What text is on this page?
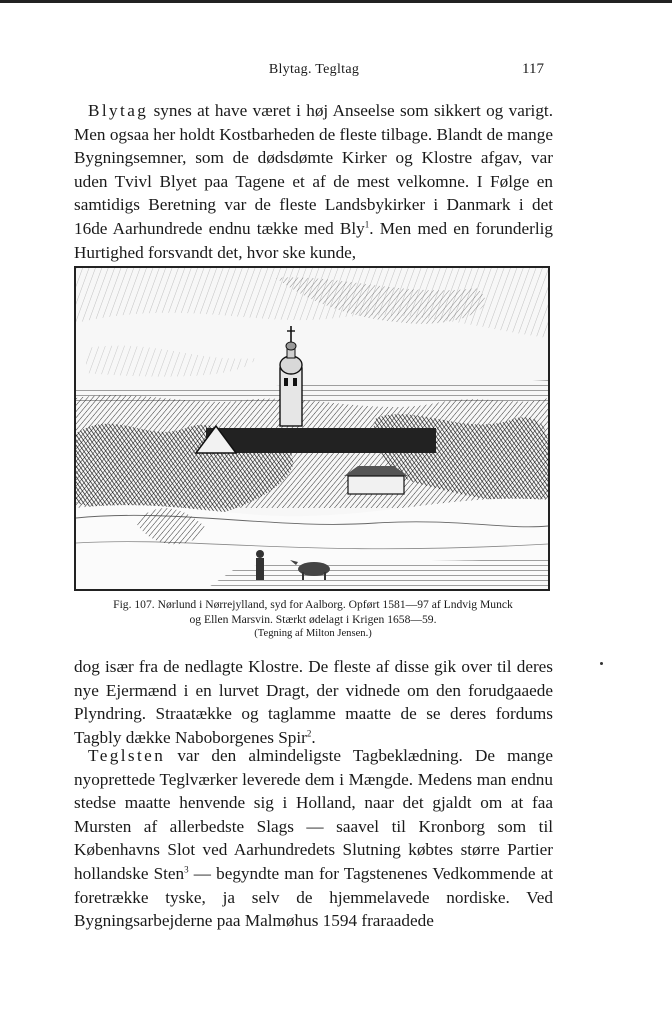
Blytag. Tegltag	117

Blytag synes at have været i høj Anseelse som sikkert og varigt. Men ogsaa her holdt Kostbarheden de fleste tilbage. Blandt de mange Bygningsemner, som de dødsdømte Kirker og Klostre afgav, var uden Tvivl Blyet paa Tagene et af de mest velkomne. I Følge en samtidigs Beretning var de fleste Landsbykirker i Danmark i det 16de Aarhundrede endnu tække med Bly$^1$. Men med en forunderlig Hurtighed forsvandt det, hvor ske kunde,

Fig. 107. Nørlund i Nørrejylland, syd for Aalborg. Opført 1581—97 af Lndvig Munck
og Ellen Marsvin. Stærkt ødelagt i Krigen 1658—59.

(Tegning af Milton Jensen.)

dog især fra de nedlagte Klostre. De fleste af disse gik over til deres nye Ejermænd i en lurvet Dragt, der vidnede om den forudgaaede Plyndring. Straatække og taglamme maatte de se deres fordums Tagbly dække Naboborgenes Spir$^2$.

Teglsten var den almindeligste Tagbeklædning. De mange nyoprettede Teglværker leverede dem i Mængde. Medens man endnu stedse maatte henvende sig i Holland, naar det gjaldt om at faa Mursten af allerbedste Slags — saavel til Kronborg som til Københavns Slot ved Aarhundredets Slutning købtes større Partier hollandske Sten$^3$ — begyndte man for Tagstenenes Vedkommende at foretrække tyske, ja selv de hjemmelavede nordiske. Ved Bygningsarbejderne paa Malmøhus 1594 fraraadede
